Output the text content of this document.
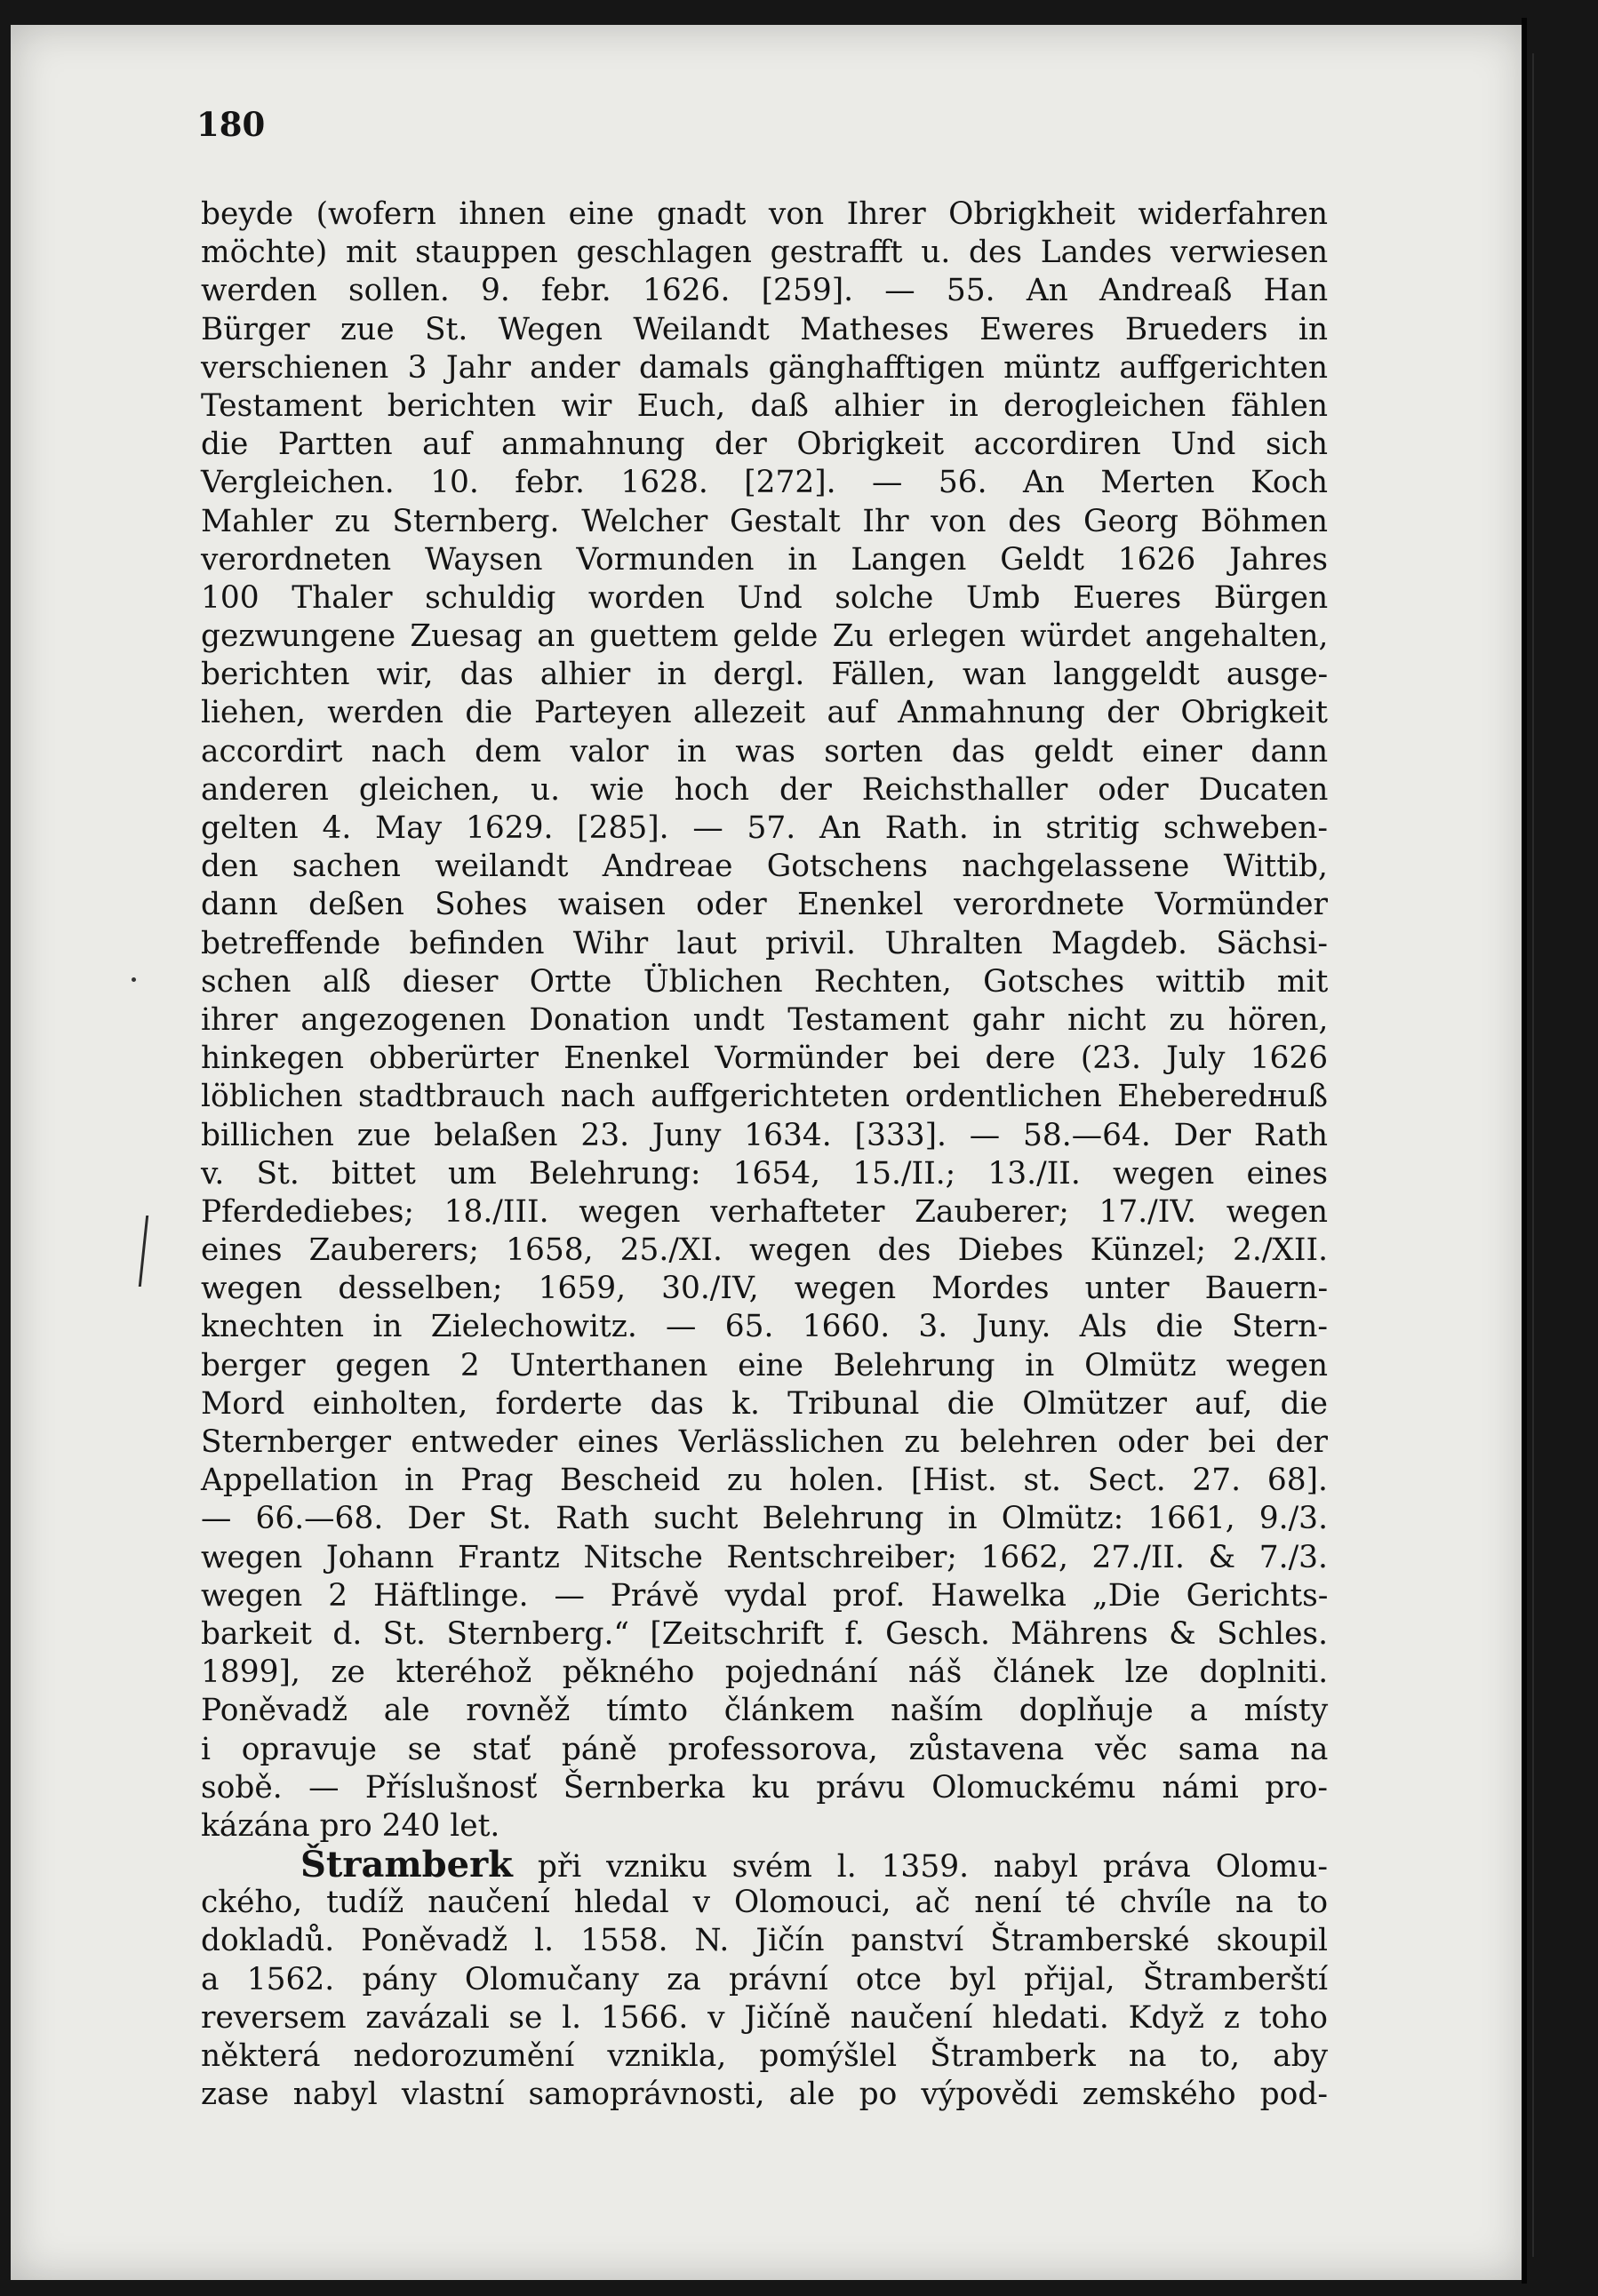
180
beyde (wofern ihnen eine gnadt von Ihrer Obrigkheit widerfahren
möchte) mit stauppen geschlagen gestrafft u. des Landes verwiesen
werden sollen. 9. febr. 1626. [259]. — 55. An Andreaß Han
Bürger zue St. Wegen Weilandt Matheses Eweres Brueders in
verschienen 3 Jahr ander damals gänghafftigen müntz auffgerichten
Testament berichten wir Euch, daß alhier in derogleichen fählen
die Partten auf anmahnung der Obrigkeit accordiren Und sich
Vergleichen. 10. febr. 1628. [272]. — 56. An Merten Koch
Mahler zu Sternberg. Welcher Gestalt Ihr von des Georg Böhmen
verordneten Waysen Vormunden in Langen Geldt 1626 Jahres
100 Thaler schuldig worden Und solche Umb Eueres Bürgen
gezwungene Zuesag an guettem gelde Zu erlegen würdet angehalten,
berichten wir, das alhier in dergl. Fällen, wan langgeldt ausge-
liehen, werden die Parteyen allezeit auf Anmahnung der Obrigkeit
accordirt nach dem valor in was sorten das geldt einer dann
anderen gleichen, u. wie hoch der Reichsthaller oder Ducaten
gelten 4. May 1629. [285]. — 57. An Rath. in stritig schweben-
den sachen weilandt Andreae Gotschens nachgelassene Wittib,
dann deßen Sohes waisen oder Enenkel verordnete Vormünder
betreffende befinden Wihr laut privil. Uhralten Magdeb. Sächsi-
schen alß dieser Ortte Üblichen Rechten, Gotsches wittib mit
ihrer angezogenen Donation undt Testament gahr nicht zu hören,
hinkegen obberürter Enenkel Vormünder bei dere (23. July 1626
löblichen stadtbrauch nach auffgerichteten ordentlichen Eheberedнuß
billichen zue belaßen 23. Juny 1634. [333]. — 58.—64. Der Rath
v. St. bittet um Belehrung: 1654, 15./II.; 13./II. wegen eines
Pferdediebes; 18./III. wegen verhafteter Zauberer; 17./IV. wegen
eines Zauberers; 1658, 25./XI. wegen des Diebes Künzel; 2./XII.
wegen desselben; 1659, 30./IV, wegen Mordes unter Bauern-
knechten in Zielechowitz. — 65. 1660. 3. Juny. Als die Stern-
berger gegen 2 Unterthanen eine Belehrung in Olmütz wegen
Mord einholten, forderte das k. Tribunal die Olmützer auf, die
Sternberger entweder eines Verlässlichen zu belehren oder bei der
Appellation in Prag Bescheid zu holen. [Hist. st. Sect. 27. 68].
— 66.—68. Der St. Rath sucht Belehrung in Olmütz: 1661, 9./3.
wegen Johann Frantz Nitsche Rentschreiber; 1662, 27./II. & 7./3.
wegen 2 Häftlinge. — Právě vydal prof. Hawelka „Die Gerichts-
barkeit d. St. Sternberg.“ [Zeitschrift f. Gesch. Mährens & Schles.
1899], ze kteréhož pěkného pojednání náš článek lze doplniti.
Poněvadž ale rovněž tímto článkem naším doplňuje a místy
i opravuje se stať páně professorova, zůstavena věc sama na
sobě. — Příslušnosť Šernberka ku právu Olomuckému námi pro-
kázána pro 240 let.
Štramberk při vzniku svém l. 1359. nabyl práva Olomu-
ckého, tudíž naučení hledal v Olomouci, ač není té chvíle na to
dokladů. Poněvadž l. 1558. N. Jičín panství Štramberské skoupil
a 1562. pány Olomučany za právní otce byl přijal, Štramberští
reversem zavázali se l. 1566. v Jičíně naučení hledati. Když z toho
některá nedorozumění vznikla, pomýšlel Štramberk na to, aby
zase nabyl vlastní samoprávnosti, ale po výpovědi zemského pod-
